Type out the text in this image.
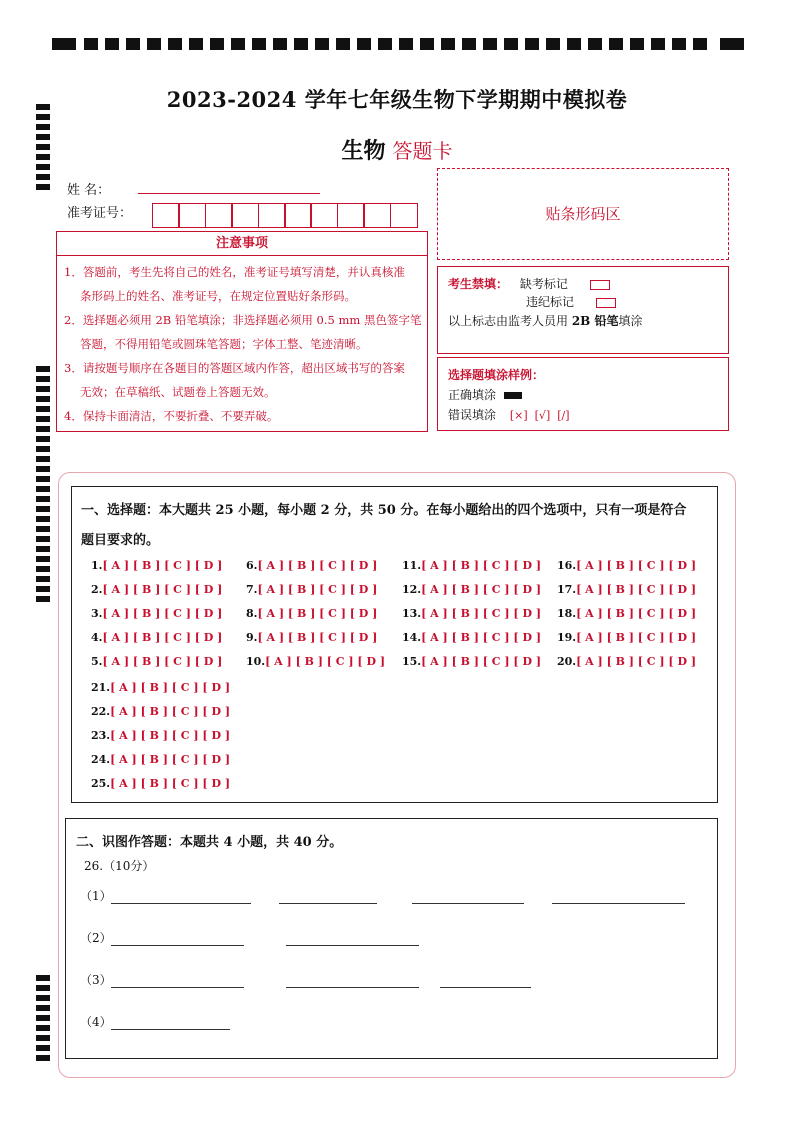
2023-2024 学年七年级生物下学期期中模拟卷
生物 答题卡
姓 名：
准考证号：	贴条形码区
注意事项
1．答题前，考生先将自己的姓名，准考证号填写清楚，并认真核准
条形码上的姓名、准考证号，在规定位置贴好条形码。
2．选择题必须用 2B 铅笔填涂；非选择题必须用 0.5 mm 黑色签字笔
答题，不得用铅笔或圆珠笔答题；字体工整、笔迹清晰。
3．请按题号顺序在各题目的答题区域内作答，超出区域书写的答案
无效；在草稿纸、试题卷上答题无效。
4．保持卡面清洁，不要折叠、不要弄破。
考生禁填： 缺考标记
违纪标记
以上标志由监考人员用 2B 铅笔填涂
选择题填涂样例：
正确填涂
错误填涂 [×]  [√]  [/]
一、选择题：本大题共 25 小题，每小题 2 分，共 50 分。在每小题给出的四个选项中，只有一项是符合
题目要求的。
1.[ A ] [ B ] [ C ] [ D ]
2.[ A ] [ B ] [ C ] [ D ]
3.[ A ] [ B ] [ C ] [ D ]
4.[ A ] [ B ] [ C ] [ D ]
5.[ A ] [ B ] [ C ] [ D ]
6.[ A ] [ B ] [ C ] [ D ]
7.[ A ] [ B ] [ C ] [ D ]
8.[ A ] [ B ] [ C ] [ D ]
9.[ A ] [ B ] [ C ] [ D ]
10.[ A ] [ B ] [ C ] [ D ]
11.[ A ] [ B ] [ C ] [ D ]
12.[ A ] [ B ] [ C ] [ D ]
13.[ A ] [ B ] [ C ] [ D ]
14.[ A ] [ B ] [ C ] [ D ]
15.[ A ] [ B ] [ C ] [ D ]
16.[ A ] [ B ] [ C ] [ D ]
17.[ A ] [ B ] [ C ] [ D ]
18.[ A ] [ B ] [ C ] [ D ]
19.[ A ] [ B ] [ C ] [ D ]
20.[ A ] [ B ] [ C ] [ D ]
21.[ A ] [ B ] [ C ] [ D ]
22.[ A ] [ B ] [ C ] [ D ]
23.[ A ] [ B ] [ C ] [ D ]
24.[ A ] [ B ] [ C ] [ D ]
25.[ A ] [ B ] [ C ] [ D ]
二、识图作答题：本题共 4 小题，共 40 分。
26.（10分）
（1）
（2）
（3）
（4）
